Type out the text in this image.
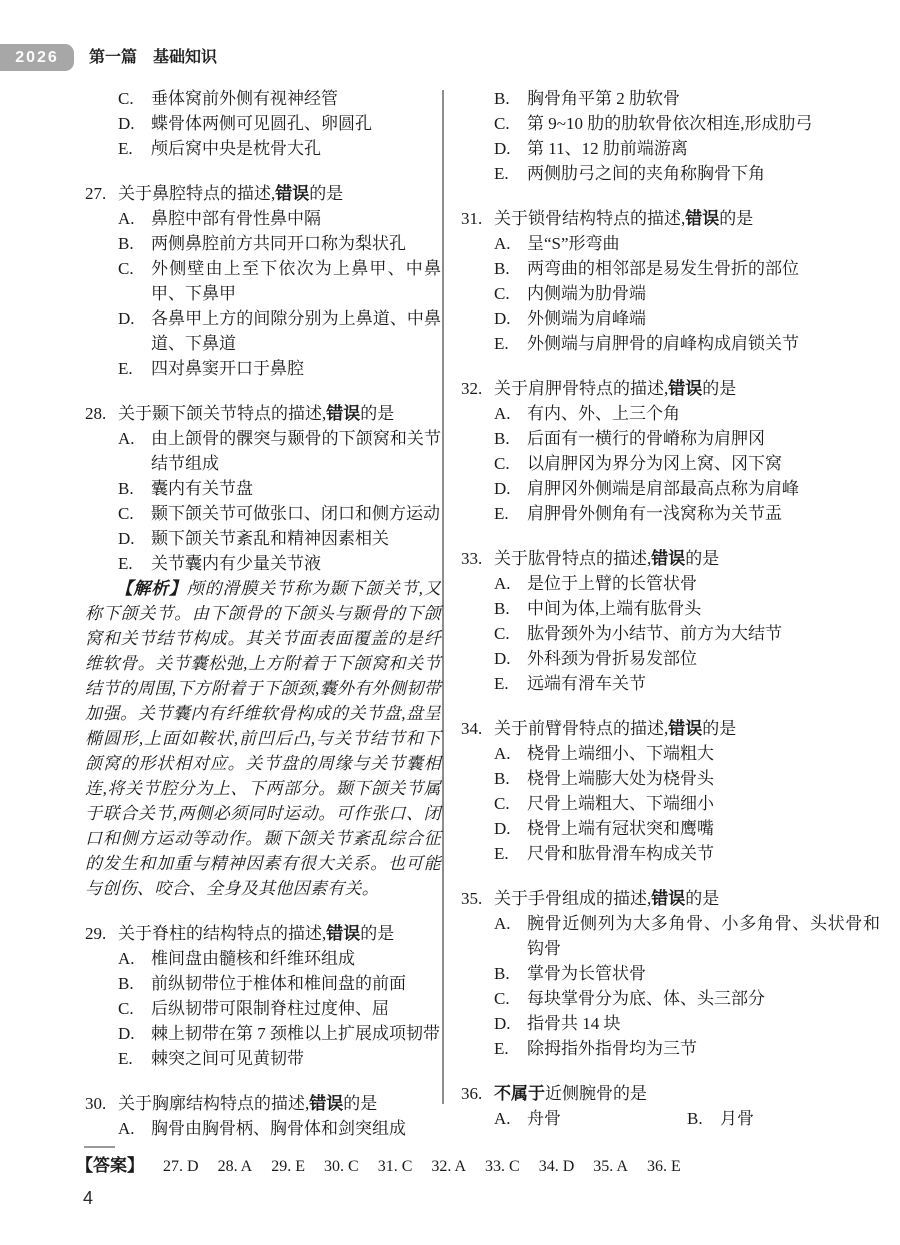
2026	第一篇 基础知识
C.	垂体窝前外侧有视神经管
D. 蝶骨体两侧可见圆孔、卵圆孔
E.	颅后窝中央是枕骨大孔
27. 关于鼻腔特点的描述,错误的是
A. 鼻腔中部有骨性鼻中隔
B.	两侧鼻腔前方共同开口称为梨状孔
C.	外侧壁由上至下依次为上鼻甲、中鼻甲、下鼻甲
D. 各鼻甲上方的间隙分别为上鼻道、中鼻道、下鼻道
E.	四对鼻窦开口于鼻腔
28. 关于颞下颌关节特点的描述,错误的是
A. 由上颌骨的髁突与颞骨的下颌窝和关节结节组成
B.	囊内有关节盘
C.	颞下颌关节可做张口、闭口和侧方运动
D. 颞下颌关节紊乱和精神因素相关
E.	关节囊内有少量关节液
【解析】颅的滑膜关节称为颞下颌关节,又称下颌关节。由下颌骨的下颌头与颞骨的下颌窝和关节结节构成。其关节面表面覆盖的是纤维软骨。关节囊松弛,上方附着于下颌窝和关节结节的周围,下方附着于下颌颈,囊外有外侧韧带加强。关节囊内有纤维软骨构成的关节盘,盘呈椭圆形,上面如鞍状,前凹后凸,与关节结节和下颌窝的形状相对应。关节盘的周缘与关节囊相连,将关节腔分为上、下两部分。颞下颌关节属于联合关节,两侧必须同时运动。可作张口、闭口和侧方运动等动作。颞下颌关节紊乱综合征的发生和加重与精神因素有很大关系。也可能与创伤、咬合、全身及其他因素有关。
29. 关于脊柱的结构特点的描述,错误的是
A. 椎间盘由髓核和纤维环组成
B.	前纵韧带位于椎体和椎间盘的前面
C.	后纵韧带可限制脊柱过度伸、屈
D. 棘上韧带在第 7 颈椎以上扩展成项韧带
E.	棘突之间可见黄韧带
30. 关于胸廓结构特点的描述,错误的是
A. 胸骨由胸骨柄、胸骨体和剑突组成
B.	胸骨角平第 2 肋软骨
C.	第 9~10 肋的肋软骨依次相连,形成肋弓
D. 第 11、12 肋前端游离
E.	两侧肋弓之间的夹角称胸骨下角
31. 关于锁骨结构特点的描述,错误的是
A. 呈“S”形弯曲
B.	两弯曲的相邻部是易发生骨折的部位
C.	内侧端为肋骨端
D. 外侧端为肩峰端
E.	外侧端与肩胛骨的肩峰构成肩锁关节
32. 关于肩胛骨特点的描述,错误的是
A. 有内、外、上三个角
B.	后面有一横行的骨嵴称为肩胛冈
C.	以肩胛冈为界分为冈上窝、冈下窝
D. 肩胛冈外侧端是肩部最高点称为肩峰
E.	肩胛骨外侧角有一浅窝称为关节盂
33. 关于肱骨特点的描述,错误的是
A. 是位于上臂的长管状骨
B.	中间为体,上端有肱骨头
C.	肱骨颈外为小结节、前方为大结节
D. 外科颈为骨折易发部位
E.	远端有滑车关节
34. 关于前臂骨特点的描述,错误的是
A. 桡骨上端细小、下端粗大
B.	桡骨上端膨大处为桡骨头
C.	尺骨上端粗大、下端细小
D. 桡骨上端有冠状突和鹰嘴
E.	尺骨和肱骨滑车构成关节
35. 关于手骨组成的描述,错误的是
A. 腕骨近侧列为大多角骨、小多角骨、头状骨和钩骨
B.	掌骨为长管状骨
C.	每块掌骨分为底、体、头三部分
D. 指骨共 14 块
E.	除拇指外指骨均为三节
36. 不属于近侧腕骨的是
A. 舟骨	B.	月骨
【答案】	27. D 28. A 29. E 30. C 31. C 32. A 33. C 34. D 35. A 36. E
4
